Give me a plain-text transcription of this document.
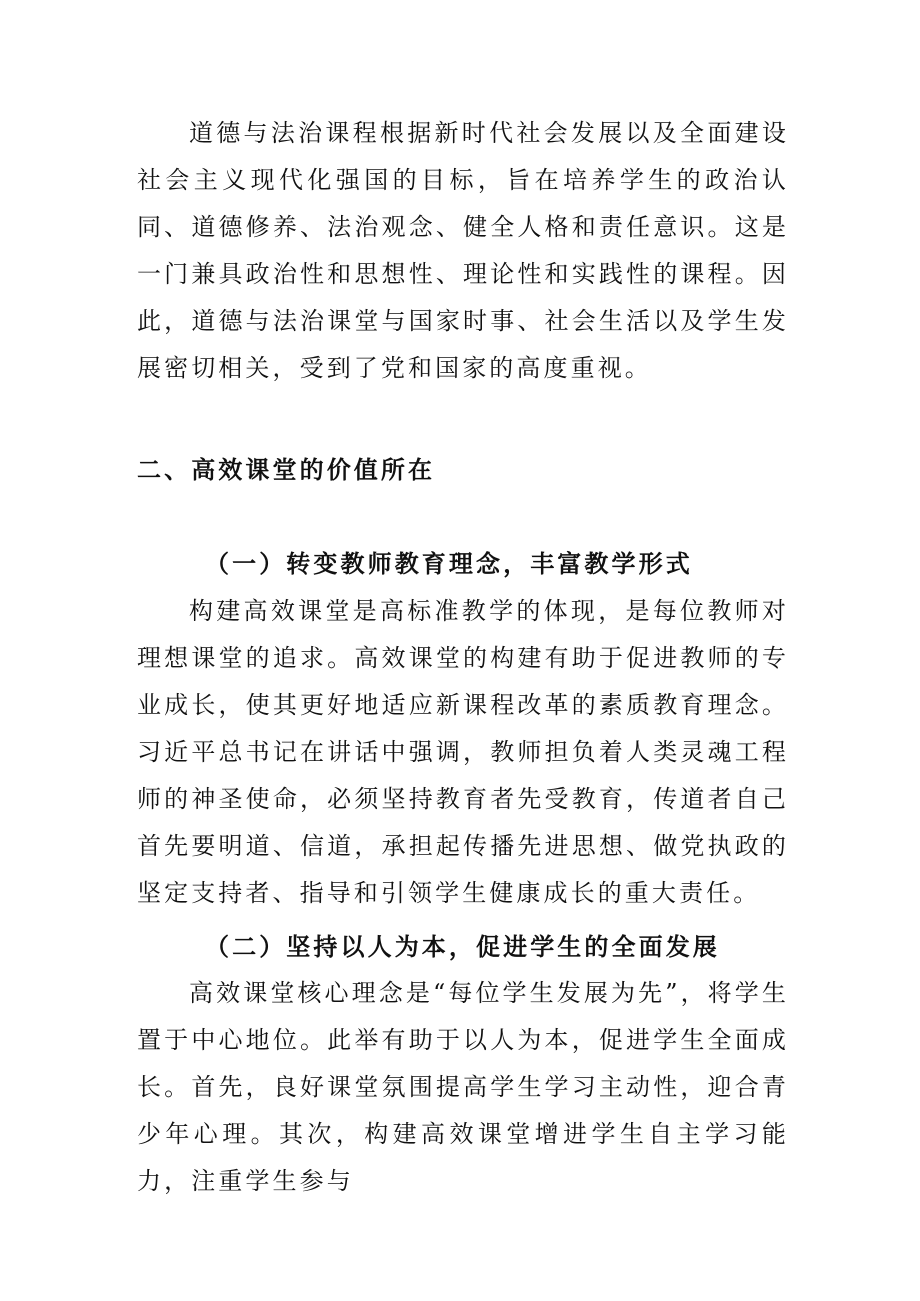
道德与法治课程根据新时代社会发展以及全面建设社会主义现代化强国的目标，旨在培养学生的政治认同、道德修养、法治观念、健全人格和责任意识。这是一门兼具政治性和思想性、理论性和实践性的课程。因此，道德与法治课堂与国家时事、社会生活以及学生发展密切相关，受到了党和国家的高度重视。

二、高效课堂的价值所在
（一）转变教师教育理念，丰富教学形式

构建高效课堂是高标准教学的体现，是每位教师对理想课堂的追求。高效课堂的构建有助于促进教师的专业成长，使其更好地适应新课程改革的素质教育理念。习近平总书记在讲话中强调，教师担负着人类灵魂工程师的神圣使命，必须坚持教育者先受教育，传道者自己首先要明道、信道，承担起传播先进思想、做党执政的坚定支持者、指导和引领学生健康成长的重大责任。

（二）坚持以人为本，促进学生的全面发展

高效课堂核心理念是“每位学生发展为先”，将学生置于中心地位。此举有助于以人为本，促进学生全面成长。首先，良好课堂氛围提高学生学习主动性，迎合青少年心理。其次，构建高效课堂增进学生自主学习能力，注重学生参与
